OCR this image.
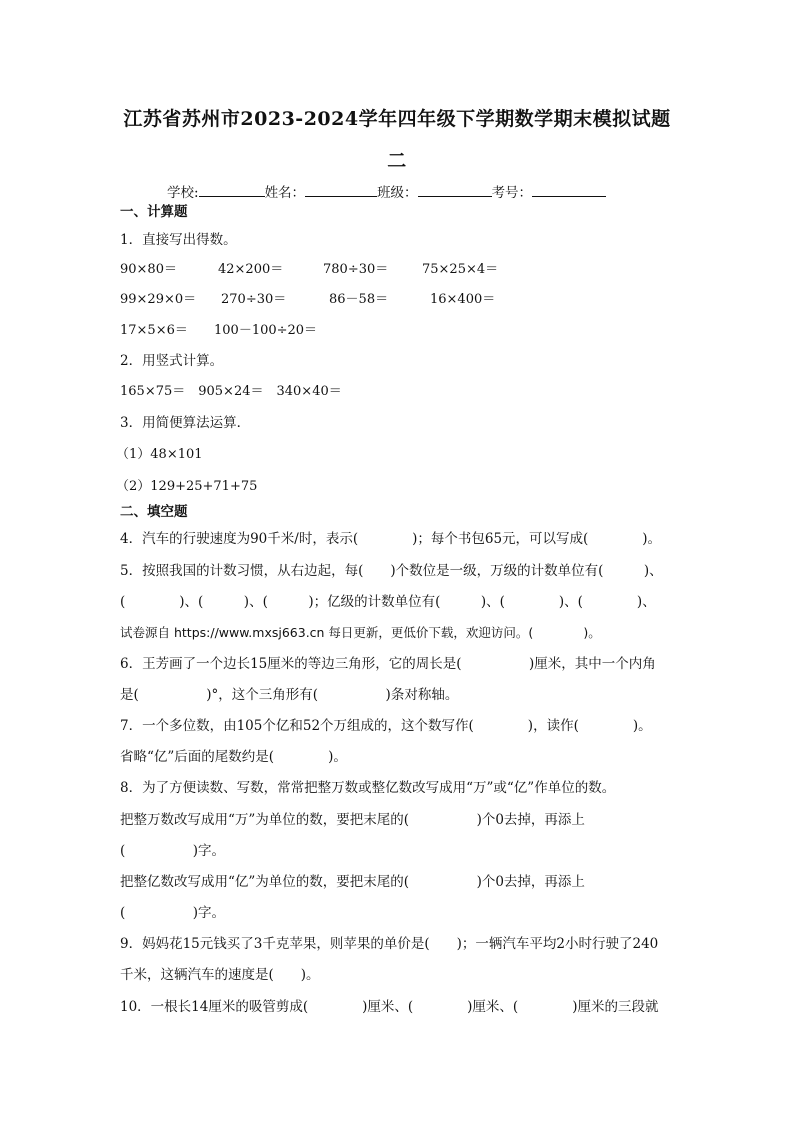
江苏省苏州市2023-2024学年四年级下学期数学期末模拟试题
二
学校:	姓名：	班级：	考号：
一、计算题
1．直接写出得数。
90×80＝	42×200＝	780÷30＝	75×25×4＝
99×29×0＝ 270÷30＝	86－58＝	16×400＝
17×5×6＝ 100－100÷20＝
2．用竖式计算。
165×75＝　905×24＝　340×40＝
3．用简便算法运算．
（1）48×101
（2）129+25+71+75
二、填空题
4．汽车的行驶速度为90千米/时，表示(　　　　)；每个书包65元，可以写成(　　　　)。
5．按照我国的计数习惯，从右边起，每(　　)个数位是一级，万级的计数单位有(　　　)、
(　　　　)、(　　　)、(　　　)；亿级的计数单位有(　　　)、(　　　　)、(　　　　)、
试卷源自 https://www.mxsj663.cn 每日更新，更低价下载，欢迎访问。(　　　　)。
6．王芳画了一个边长15厘米的等边三角形，它的周长是(　　　　　)厘米，其中一个内角
是(　　　　　)°，这个三角形有(　　　　　)条对称轴。
7．一个多位数，由105个亿和52个万组成的，这个数写作(　　　　)，读作(　　　　)。
省略“亿”后面的尾数约是(　　　　)。
8．为了方便读数、写数，常常把整万数或整亿数改写成用“万”或“亿”作单位的数。
把整万数改写成用“万”为单位的数，要把末尾的(　　　　　)个0去掉，再添上
(　　　　　)字。
把整亿数改写成用“亿”为单位的数，要把末尾的(　　　　　)个0去掉，再添上
(　　　　　)字。
9．妈妈花15元钱买了3千克苹果，则苹果的单价是(　　)；一辆汽车平均2小时行驶了240
千米，这辆汽车的速度是(　　)。
10．一根长14厘米的吸管剪成(　　　　)厘米、(　　　　)厘米、(　　　　)厘米的三段就
